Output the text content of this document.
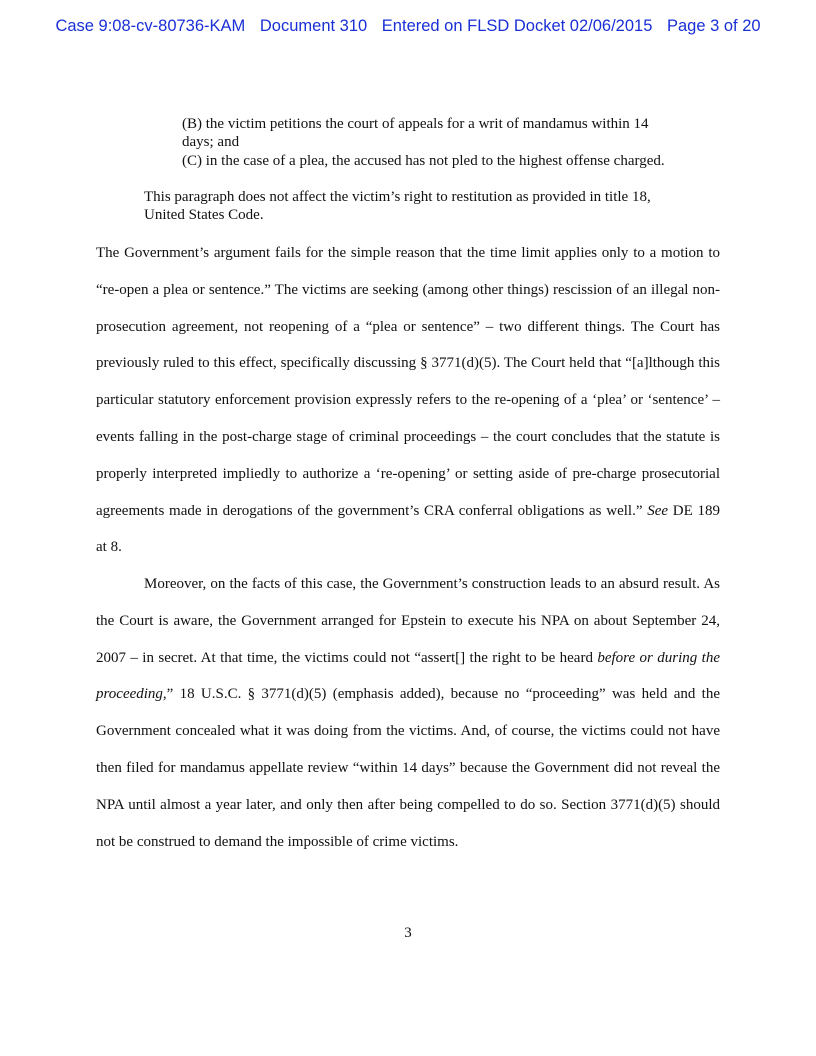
Case 9:08-cv-80736-KAM Document 310 Entered on FLSD Docket 02/06/2015 Page 3 of 20

(B) the victim petitions the court of appeals for a writ of mandamus within 14 days; and

(C) in the case of a plea, the accused has not pled to the highest offense charged.

This paragraph does not affect the victim’s right to restitution as provided in title 18, United States Code.

The Government’s argument fails for the simple reason that the time limit applies only to a motion to “re-open a plea or sentence.” The victims are seeking (among other things) rescission of an illegal non-prosecution agreement, not reopening of a “plea or sentence” – two different things. The Court has previously ruled to this effect, specifically discussing § 3771(d)(5). The Court held that “[a]lthough this particular statutory enforcement provision expressly refers to the re-opening of a ‘plea’ or ‘sentence’ – events falling in the post-charge stage of criminal proceedings – the court concludes that the statute is properly interpreted impliedly to authorize a ‘re-opening’ or setting aside of pre-charge prosecutorial agreements made in derogations of the government’s CRA conferral obligations as well.” See DE 189 at 8.

Moreover, on the facts of this case, the Government’s construction leads to an absurd result. As the Court is aware, the Government arranged for Epstein to execute his NPA on about September 24, 2007 – in secret. At that time, the victims could not “assert[] the right to be heard before or during the proceeding,” 18 U.S.C. § 3771(d)(5) (emphasis added), because no “proceeding” was held and the Government concealed what it was doing from the victims. And, of course, the victims could not have then filed for mandamus appellate review “within 14 days” because the Government did not reveal the NPA until almost a year later, and only then after being compelled to do so. Section 3771(d)(5) should not be construed to demand the impossible of crime victims.

3
